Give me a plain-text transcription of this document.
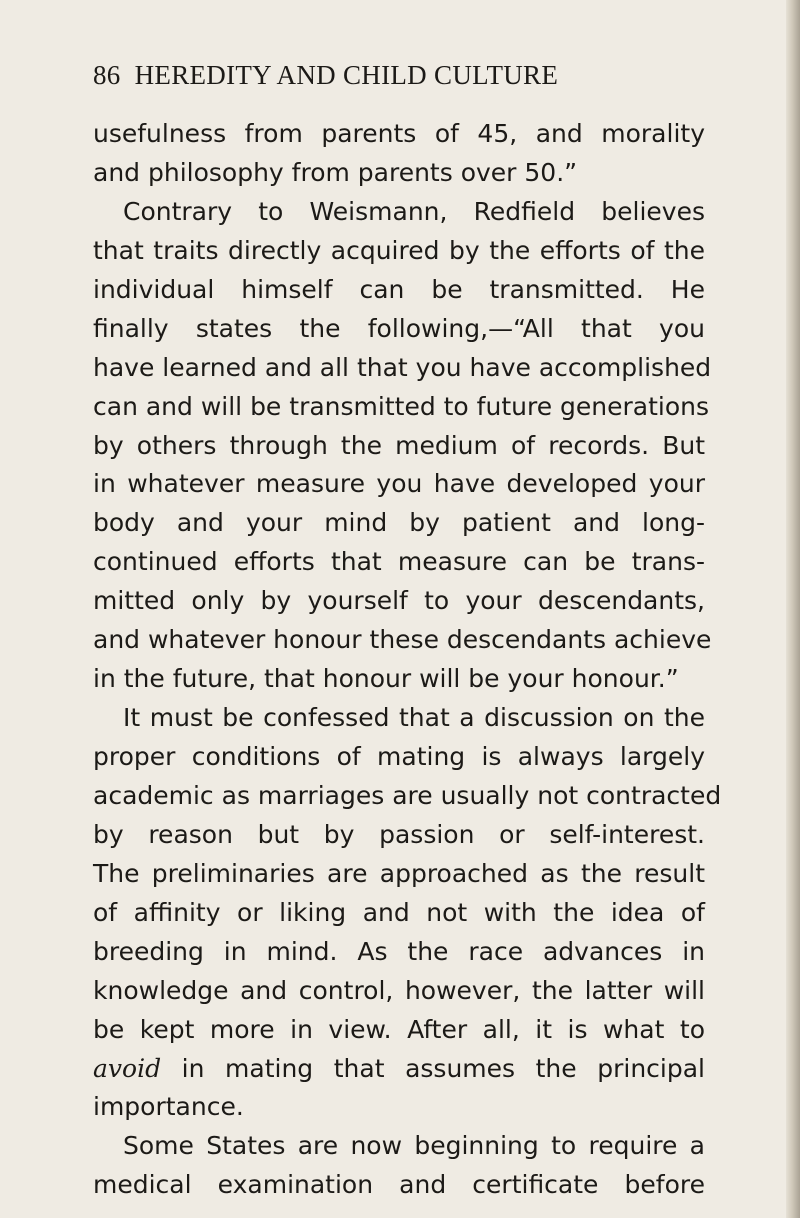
86 HEREDITY AND CHILD CULTURE
usefulness from parents of 45, and morality
and philosophy from parents over 50.”
Contrary to Weismann, Redfield believes
that traits directly acquired by the efforts of the
individual himself can be transmitted. He
finally states the following,—“All that you
have learned and all that you have accomplished
can and will be transmitted to future generations
by others through the medium of records. But
in whatever measure you have developed your
body and your mind by patient and long-
continued efforts that measure can be trans-
mitted only by yourself to your descendants,
and whatever honour these descendants achieve
in the future, that honour will be your honour.”
It must be confessed that a discussion on the
proper conditions of mating is always largely
academic as marriages are usually not contracted
by reason but by passion or self-interest.
The preliminaries are approached as the result
of affinity or liking and not with the idea of
breeding in mind. As the race advances in
knowledge and control, however, the latter will
be kept more in view. After all, it is what to
avoid in mating that assumes the principal
importance.
Some States are now beginning to require a
medical examination and certificate before
